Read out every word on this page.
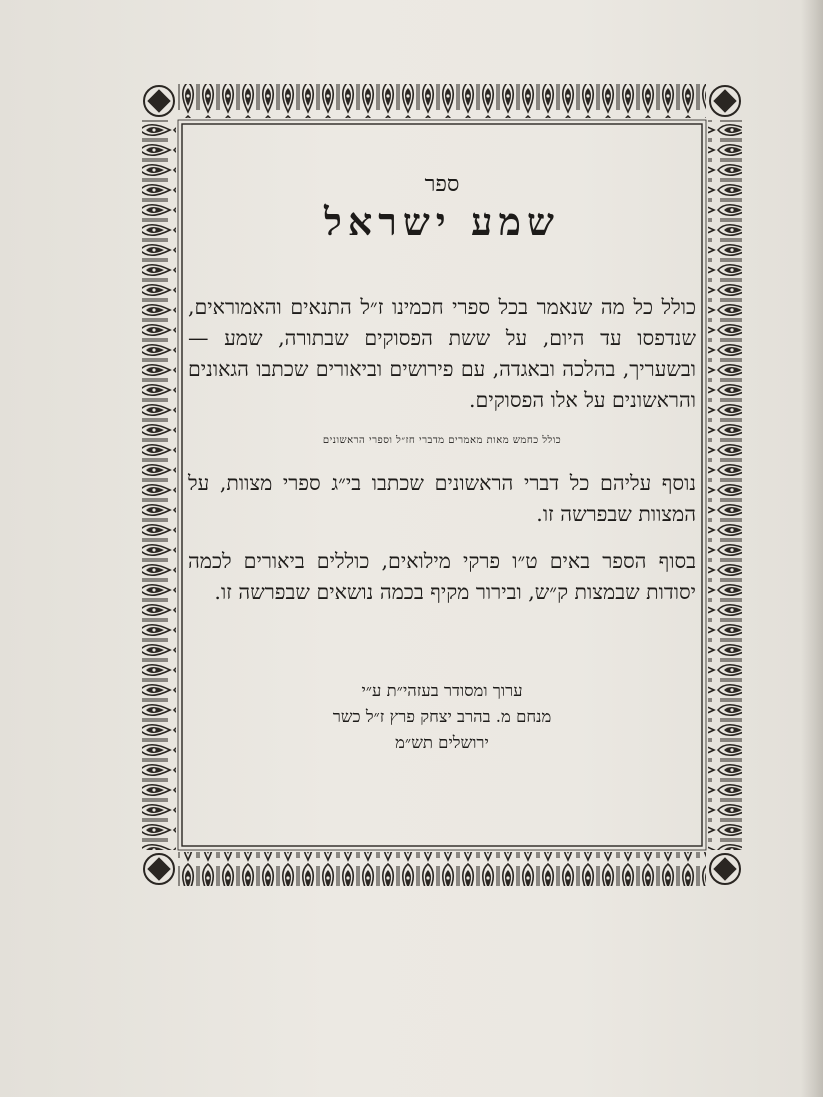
ספר
שמע ישראל

כולל כל מה שנאמר בכל ספרי חכמינו ז״ל התנאים והאמוראים, שנדפסו עד היום, על ששת הפסוקים שבתורה, שמע — ובשעריך, בהלכה ובאגדה, עם פירושים וביאורים שכתבו הגאונים והראשונים על אלו הפסוקים.

כולל כחמש מאות מאמרים מדברי חז״ל וספרי הראשונים

נוסף עליהם כל דברי הראשונים שכתבו בי״ג ספרי מצוות, על המצוות שבפרשה זו.

בסוף הספר באים ט״ו פרקי מילואים, כוללים ביאורים לכמה יסודות שבמצות ק״ש, ובירור מקיף בכמה נושאים שבפרשה זו.

ערוך ומסודר בעזהי״ת ע״י
מנחם מ. בהרב יצחק פרץ ז״ל כשר
ירושלים תש״מ
